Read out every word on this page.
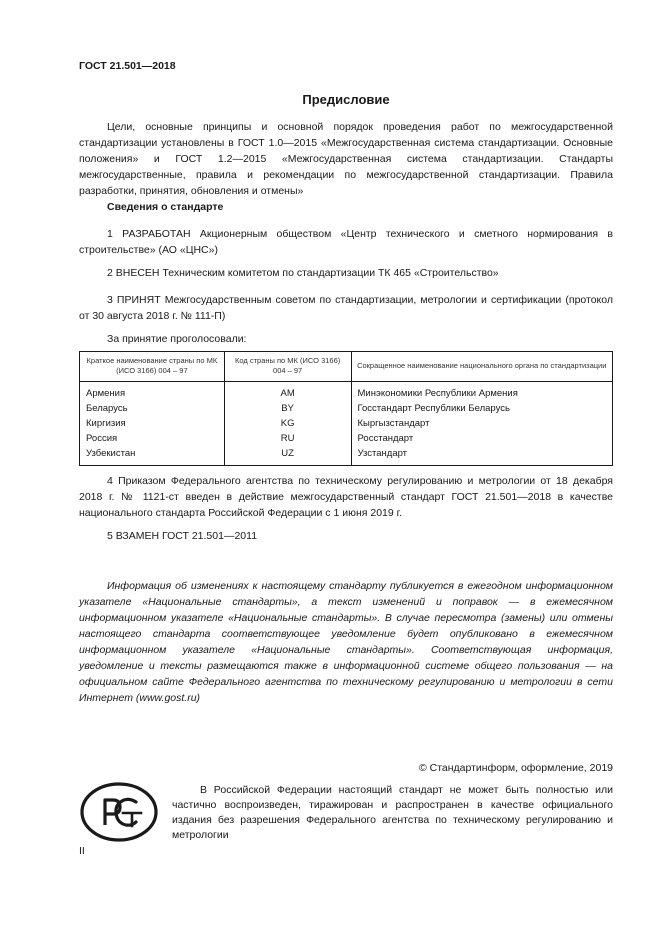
ГОСТ 21.501—2018
Предисловие

Цели, основные принципы и основной порядок проведения работ по межгосударственной стандартизации установлены в ГОСТ 1.0—2015 «Межгосударственная система стандартизации. Основные положения» и ГОСТ 1.2—2015 «Межгосударственная система стандартизации. Стандарты межгосударственные, правила и рекомендации по межгосударственной стандартизации. Правила разработки, принятия, обновления и отмены»

Сведения о стандарте

1 РАЗРАБОТАН Акционерным обществом «Центр технического и сметного нормирования в строительстве» (АО «ЦНС»)

2 ВНЕСЕН Техническим комитетом по стандартизации ТК 465 «Строительство»

3 ПРИНЯТ Межгосударственным советом по стандартизации, метрологии и сертификации (протокол от 30 августа 2018 г. № 111-П)

За принятие проголосовали:

Краткое наименование страны по МК (ИСО 3166) 004 – 97	Код страны по МК (ИСО 3166) 004 – 97	Сокращенное наименование национального органа по стандартизации
Армения	AM	Минэкономики Республики Армения
Беларусь	BY	Госстандарт Республики Беларусь
Киргизия	KG	Кыргызстандарт
Россия	RU	Росстандарт
Узбекистан	UZ	Узстандарт

4 Приказом Федерального агентства по техническому регулированию и метрологии от 18 декабря 2018 г. № 1121-ст введен в действие межгосударственный стандарт ГОСТ 21.501—2018 в качестве национального стандарта Российской Федерации с 1 июня 2019 г.

5 ВЗАМЕН ГОСТ 21.501—2011

Информация об изменениях к настоящему стандарту публикуется в ежегодном информационном указателе «Национальные стандарты», а текст изменений и поправок — в ежемесячном информационном указателе «Национальные стандарты». В случае пересмотра (замены) или отмены настоящего стандарта соответствующее уведомление будет опубликовано в ежемесячном информационном указателе «Национальные стандарты». Соответствующая информация, уведомление и тексты размещаются также в информационной системе общего пользования — на официальном сайте Федерального агентства по техническому регулированию и метрологии в сети Интернет (www.gost.ru)

© Стандартинформ, оформление, 2019
РСТ

В Российской Федерации настоящий стандарт не может быть полностью или частично воспроизведен, тиражирован и распространен в качестве официального издания без разрешения Федерального агентства по техническому регулированию и метрологии

II
